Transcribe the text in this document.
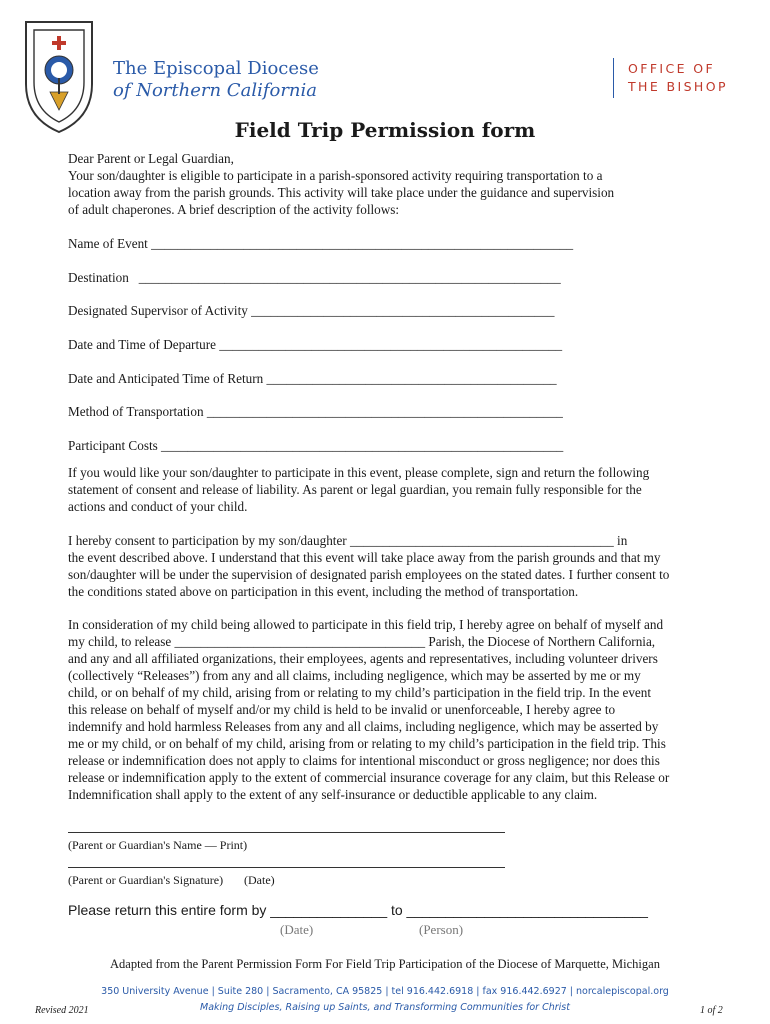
The Episcopal Diocese
of Northern California
OFFICE OF
THE BISHOP
Field Trip Permission form
Dear Parent or Legal Guardian,
Your son/daughter is eligible to participate in a parish-sponsored activity requiring transportation to a
location away from the parish grounds. This activity will take place under the guidance and supervision
of adult chaperones. A brief description of the activity follows:
Name of Event ________________________________________________________________
Destination   ________________________________________________________________
Designated Supervisor of Activity ______________________________________________
Date and Time of Departure ____________________________________________________
Date and Anticipated Time of Return ____________________________________________
Method of Transportation ______________________________________________________
Participant Costs _____________________________________________________________
If you would like your son/daughter to participate in this event, please complete, sign and return the following
statement of consent and release of liability. As parent or legal guardian, you remain fully responsible for the
actions and conduct of your child.
I hereby consent to participation by my son/daughter ________________________________________ in
the event described above. I understand that this event will take place away from the parish grounds and that my
son/daughter will be under the supervision of designated parish employees on the stated dates. I further consent to
the conditions stated above on participation in this event, including the method of transportation.
In consideration of my child being allowed to participate in this field trip, I hereby agree on behalf of myself and
my child, to release ______________________________________ Parish, the Diocese of Northern California,
and any and all affiliated organizations, their employees, agents and representatives, including volunteer drivers
(collectively “Releases”) from any and all claims, including negligence, which may be asserted by me or my
child, or on behalf of my child, arising from or relating to my child’s participation in the field trip. In the event
this release on behalf of myself and/or my child is held to be invalid or unenforceable, I hereby agree to
indemnify and hold harmless Releases from any and all claims, including negligence, which may be asserted by
me or my child, or on behalf of my child, arising from or relating to my child’s participation in the field trip. This
release or indemnification does not apply to claims for intentional misconduct or gross negligence; nor does this
release or indemnification apply to the extent of commercial insurance coverage for any claim, but this Release or
Indemnification shall apply to the extent of any self-insurance or deductible applicable to any claim.
(Parent or Guardian's Name — Print)
(Parent or Guardian's Signature) (Date)
Please return this entire form by _______________ to _______________________________
(Date)	(Person)
Adapted from the Parent Permission Form For Field Trip Participation of the Diocese of Marquette, Michigan
350 University Avenue | Suite 280 | Sacramento, CA 95825 | tel 916.442.6918 | fax 916.442.6927 | norcalepiscopal.org
Making Disciples, Raising up Saints, and Transforming Communities for Christ
Revised 2021	1 of 2
